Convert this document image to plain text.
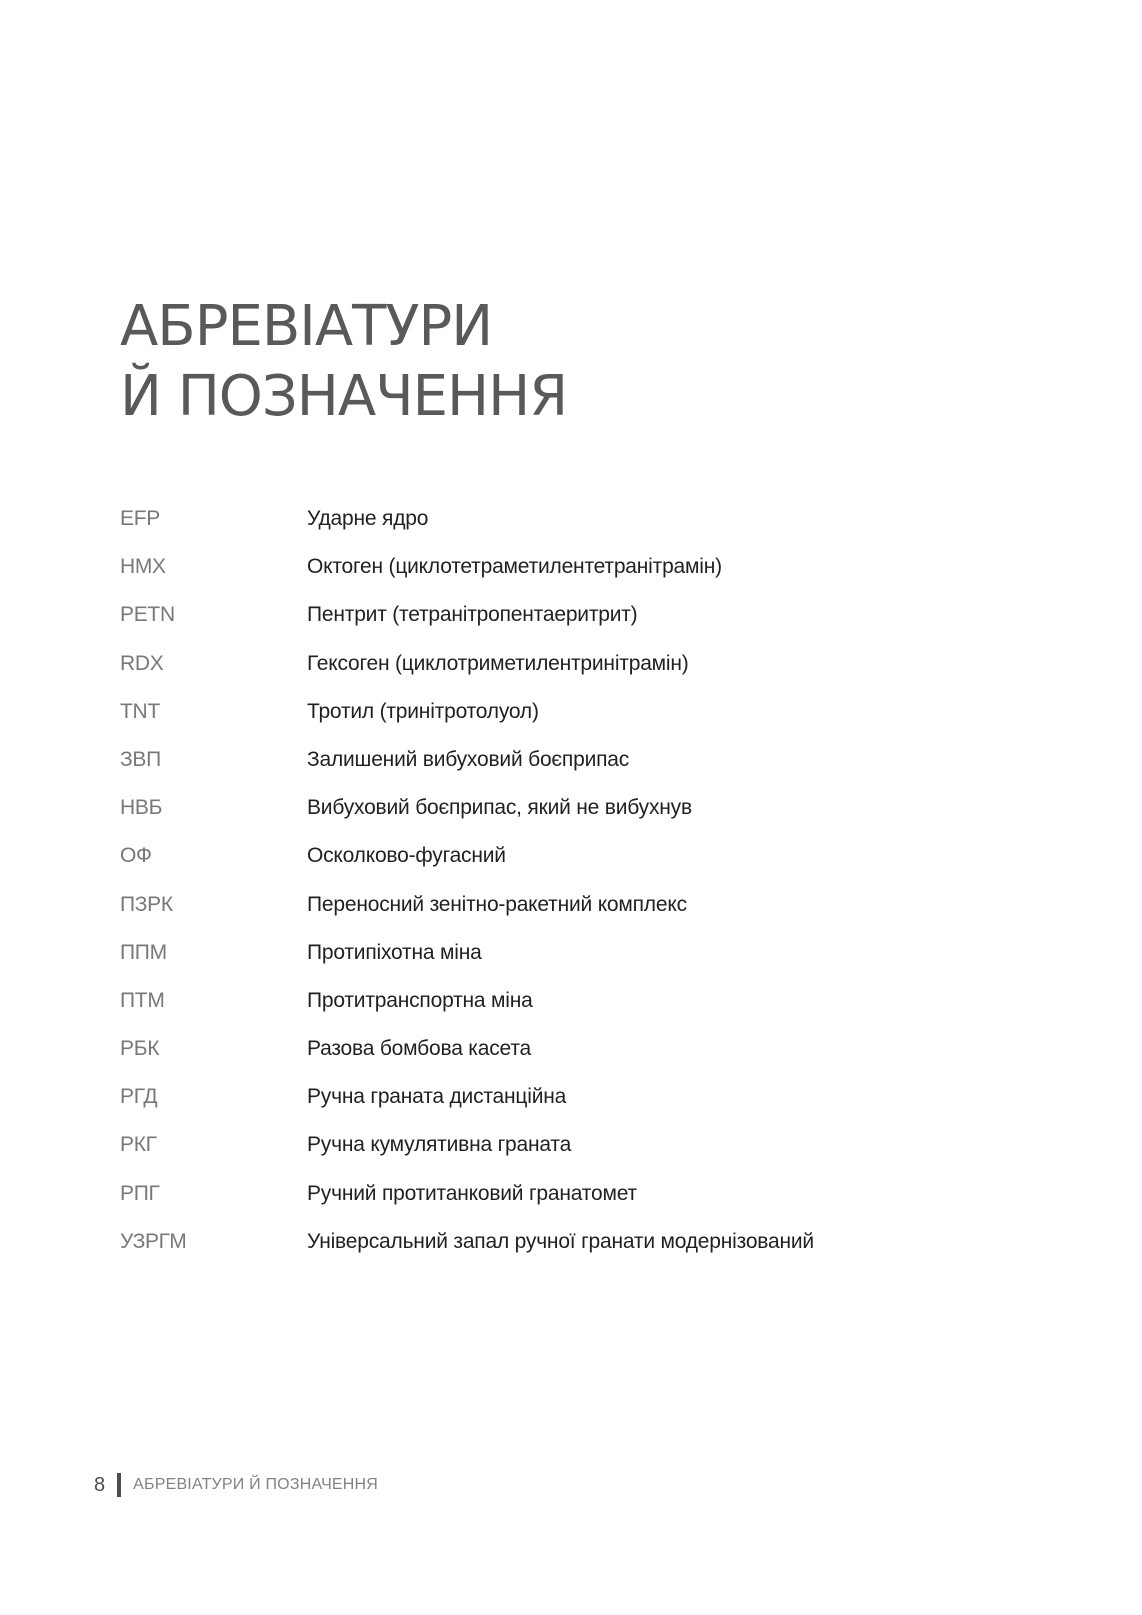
АБРЕВІАТУРИ
Й ПОЗНАЧЕННЯ
EFP	Ударне ядро
HMX	Октоген (циклотетраметилентетранітрамін)
PETN	Пентрит (тетранітропентаеритрит)
RDX	Гексоген (циклотриметилентринітрамін)
TNT	Тротил (тринітротолуол)
ЗВП	Залишений вибуховий боєприпас
НВБ	Вибуховий боєприпас, який не вибухнув
ОФ	Осколково-фугасний
ПЗРК	Переносний зенітно-ракетний комплекс
ППМ	Протипіхотна міна
ПТМ	Протитранспортна міна
РБК	Разова бомбова касета
РГД	Ручна граната дистанційна
РКГ	Ручна кумулятивна граната
РПГ	Ручний протитанковий гранатомет
УЗРГМ	Універсальний запал ручної гранати модернізований
8 АБРЕВІАТУРИ Й ПОЗНАЧЕННЯ
